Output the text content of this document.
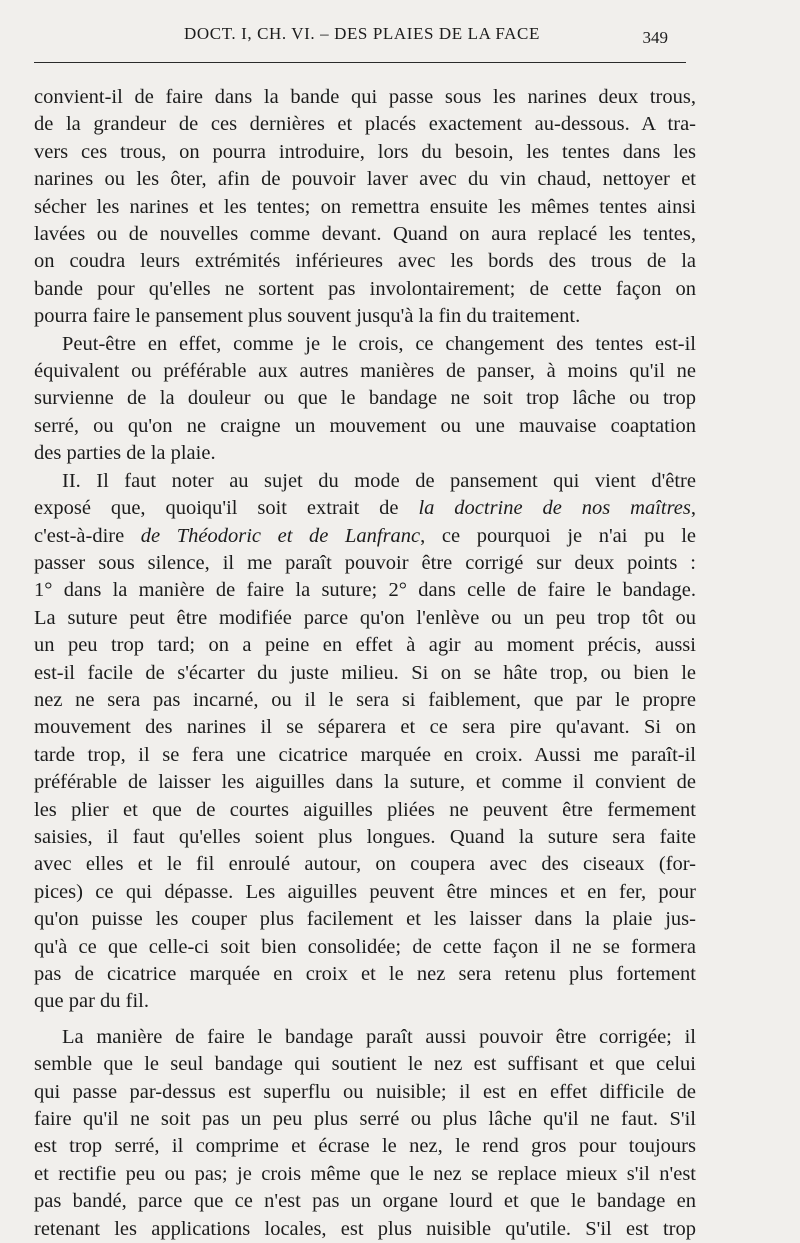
DOCT. I, CH. VI. – DES PLAIES DE LA FACE	349
convient-il de faire dans la bande qui passe sous les narines deux trous,
de la grandeur de ces dernières et placés exactement au-dessous. A tra-
vers ces trous, on pourra introduire, lors du besoin, les tentes dans les
narines ou les ôter, afin de pouvoir laver avec du vin chaud, nettoyer et
sécher les narines et les tentes; on remettra ensuite les mêmes tentes ainsi
lavées ou de nouvelles comme devant. Quand on aura replacé les tentes,
on coudra leurs extrémités inférieures avec les bords des trous de la
bande pour qu'elles ne sortent pas involontairement; de cette façon on
pourra faire le pansement plus souvent jusqu'à la fin du traitement.
Peut-être en effet, comme je le crois, ce changement des tentes est-il
équivalent ou préférable aux autres manières de panser, à moins qu'il ne
survienne de la douleur ou que le bandage ne soit trop lâche ou trop
serré, ou qu'on ne craigne un mouvement ou une mauvaise coaptation
des parties de la plaie.
II. Il faut noter au sujet du mode de pansement qui vient d'être
exposé que, quoiqu'il soit extrait de la doctrine de nos maîtres,
c'est-à-dire de Théodoric et de Lanfranc, ce pourquoi je n'ai pu le
passer sous silence, il me paraît pouvoir être corrigé sur deux points :
1° dans la manière de faire la suture; 2° dans celle de faire le bandage.
La suture peut être modifiée parce qu'on l'enlève ou un peu trop tôt ou
un peu trop tard; on a peine en effet à agir au moment précis, aussi
est-il facile de s'écarter du juste milieu. Si on se hâte trop, ou bien le
nez ne sera pas incarné, ou il le sera si faiblement, que par le propre
mouvement des narines il se séparera et ce sera pire qu'avant. Si on
tarde trop, il se fera une cicatrice marquée en croix. Aussi me paraît-il
préférable de laisser les aiguilles dans la suture, et comme il convient de
les plier et que de courtes aiguilles pliées ne peuvent être fermement
saisies, il faut qu'elles soient plus longues. Quand la suture sera faite
avec elles et le fil enroulé autour, on coupera avec des ciseaux (for-
pices) ce qui dépasse. Les aiguilles peuvent être minces et en fer, pour
qu'on puisse les couper plus facilement et les laisser dans la plaie jus-
qu'à ce que celle-ci soit bien consolidée; de cette façon il ne se formera
pas de cicatrice marquée en croix et le nez sera retenu plus fortement
que par du fil.
La manière de faire le bandage paraît aussi pouvoir être corrigée; il
semble que le seul bandage qui soutient le nez est suffisant et que celui
qui passe par-dessus est superflu ou nuisible; il est en effet difficile de
faire qu'il ne soit pas un peu plus serré ou plus lâche qu'il ne faut. S'il
est trop serré, il comprime et écrase le nez, le rend gros pour toujours
et rectifie peu ou pas; je crois même que le nez se replace mieux s'il n'est
pas bandé, parce que ce n'est pas un organe lourd et que le bandage en
retenant les applications locales, est plus nuisible qu'utile. S'il est trop
